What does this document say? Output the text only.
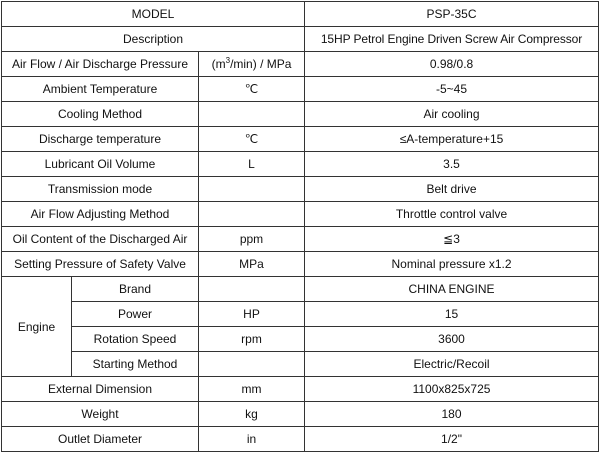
MODEL			PSP-35C
Description			15HP Petrol Engine Driven Screw Air Compressor
Air Flow / Air Discharge Pressure		$(m^3/\min)$ / MPa	0.98/0.8
Ambient Temperature		℃	-5~45
Cooling Method			Air cooling
Discharge temperature		℃	≤A-temperature+15
Lubricant Oil Volume		L	3.5
Transmission mode			Belt drive
Air Flow Adjusting Method			Throttle control valve
Oil Content of the Discharged Air		ppm	≦3
Setting Pressure of Safety Valve		MPa	Nominal pressure x1.2
Engine	Brand		CHINA ENGINE
	Power	HP	15
	Rotation Speed	rpm	3600
	Starting Method		Electric/Recoil
External Dimension		mm	1100x825x725
Weight		kg	180
Outlet Diameter		in	1/2"
